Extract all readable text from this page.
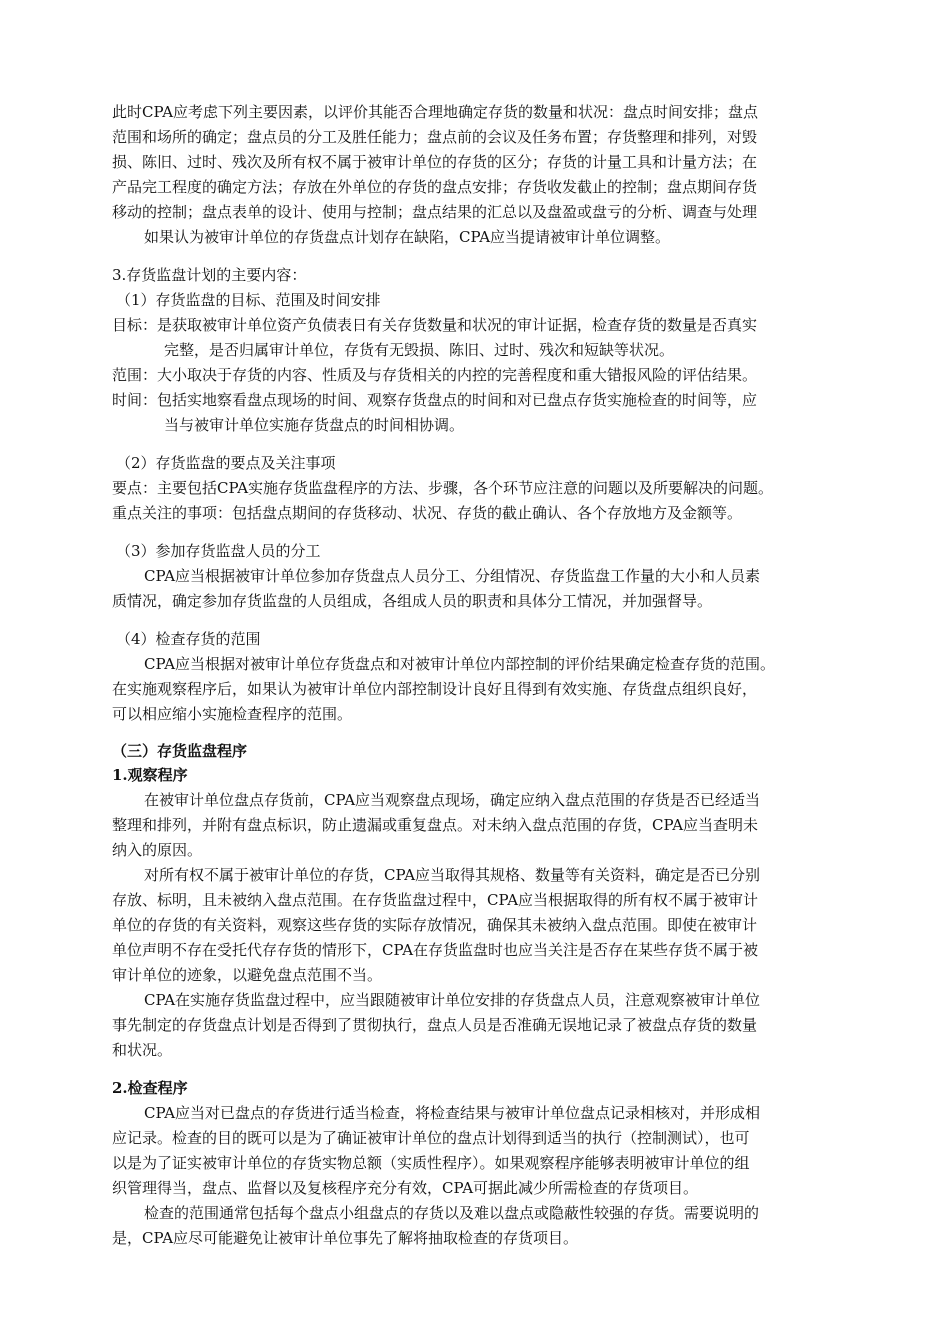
此时CPA应考虑下列主要因素，以评价其能否合理地确定存货的数量和状况：盘点时间安排；盘点
范围和场所的确定；盘点员的分工及胜任能力；盘点前的会议及任务布置；存货整理和排列，对毁
损、陈旧、过时、残次及所有权不属于被审计单位的存货的区分；存货的计量工具和计量方法；在
产品完工程度的确定方法；存放在外单位的存货的盘点安排；存货收发截止的控制；盘点期间存货
移动的控制；盘点表单的设计、使用与控制；盘点结果的汇总以及盘盈或盘亏的分析、调查与处理
如果认为被审计单位的存货盘点计划存在缺陷，CPA应当提请被审计单位调整。
3.存货监盘计划的主要内容：
（1）存货监盘的目标、范围及时间安排
目标：是获取被审计单位资产负债表日有关存货数量和状况的审计证据，检查存货的数量是否真实
完整，是否归属审计单位，存货有无毁损、陈旧、过时、残次和短缺等状况。
范围：大小取决于存货的内容、性质及与存货相关的内控的完善程度和重大错报风险的评估结果。
时间：包括实地察看盘点现场的时间、观察存货盘点的时间和对已盘点存货实施检查的时间等，应
当与被审计单位实施存货盘点的时间相协调。
（2）存货监盘的要点及关注事项
要点：主要包括CPA实施存货监盘程序的方法、步骤，各个环节应注意的问题以及所要解决的问题。
重点关注的事项：包括盘点期间的存货移动、状况、存货的截止确认、各个存放地方及金额等。
（3）参加存货监盘人员的分工
CPA应当根据被审计单位参加存货盘点人员分工、分组情况、存货监盘工作量的大小和人员素
质情况，确定参加存货监盘的人员组成，各组成人员的职责和具体分工情况，并加强督导。
（4）检查存货的范围
CPA应当根据对被审计单位存货盘点和对被审计单位内部控制的评价结果确定检查存货的范围。
在实施观察程序后，如果认为被审计单位内部控制设计良好且得到有效实施、存货盘点组织良好，
可以相应缩小实施检查程序的范围。
（三）存货监盘程序
1.观察程序
在被审计单位盘点存货前，CPA应当观察盘点现场，确定应纳入盘点范围的存货是否已经适当
整理和排列，并附有盘点标识，防止遗漏或重复盘点。对未纳入盘点范围的存货，CPA应当查明未
纳入的原因。
对所有权不属于被审计单位的存货，CPA应当取得其规格、数量等有关资料，确定是否已分别
存放、标明，且未被纳入盘点范围。在存货监盘过程中，CPA应当根据取得的所有权不属于被审计
单位的存货的有关资料，观察这些存货的实际存放情况，确保其未被纳入盘点范围。即使在被审计
单位声明不存在受托代存存货的情形下，CPA在存货监盘时也应当关注是否存在某些存货不属于被
审计单位的迹象，以避免盘点范围不当。
CPA在实施存货监盘过程中，应当跟随被审计单位安排的存货盘点人员，注意观察被审计单位
事先制定的存货盘点计划是否得到了贯彻执行，盘点人员是否准确无误地记录了被盘点存货的数量
和状况。
2.检查程序
CPA应当对已盘点的存货进行适当检查，将检查结果与被审计单位盘点记录相核对，并形成相
应记录。检查的目的既可以是为了确证被审计单位的盘点计划得到适当的执行（控制测试），也可
以是为了证实被审计单位的存货实物总额（实质性程序）。如果观察程序能够表明被审计单位的组
织管理得当，盘点、监督以及复核程序充分有效，CPA可据此减少所需检查的存货项目。
检查的范围通常包括每个盘点小组盘点的存货以及难以盘点或隐蔽性较强的存货。需要说明的
是，CPA应尽可能避免让被审计单位事先了解将抽取检查的存货项目。
